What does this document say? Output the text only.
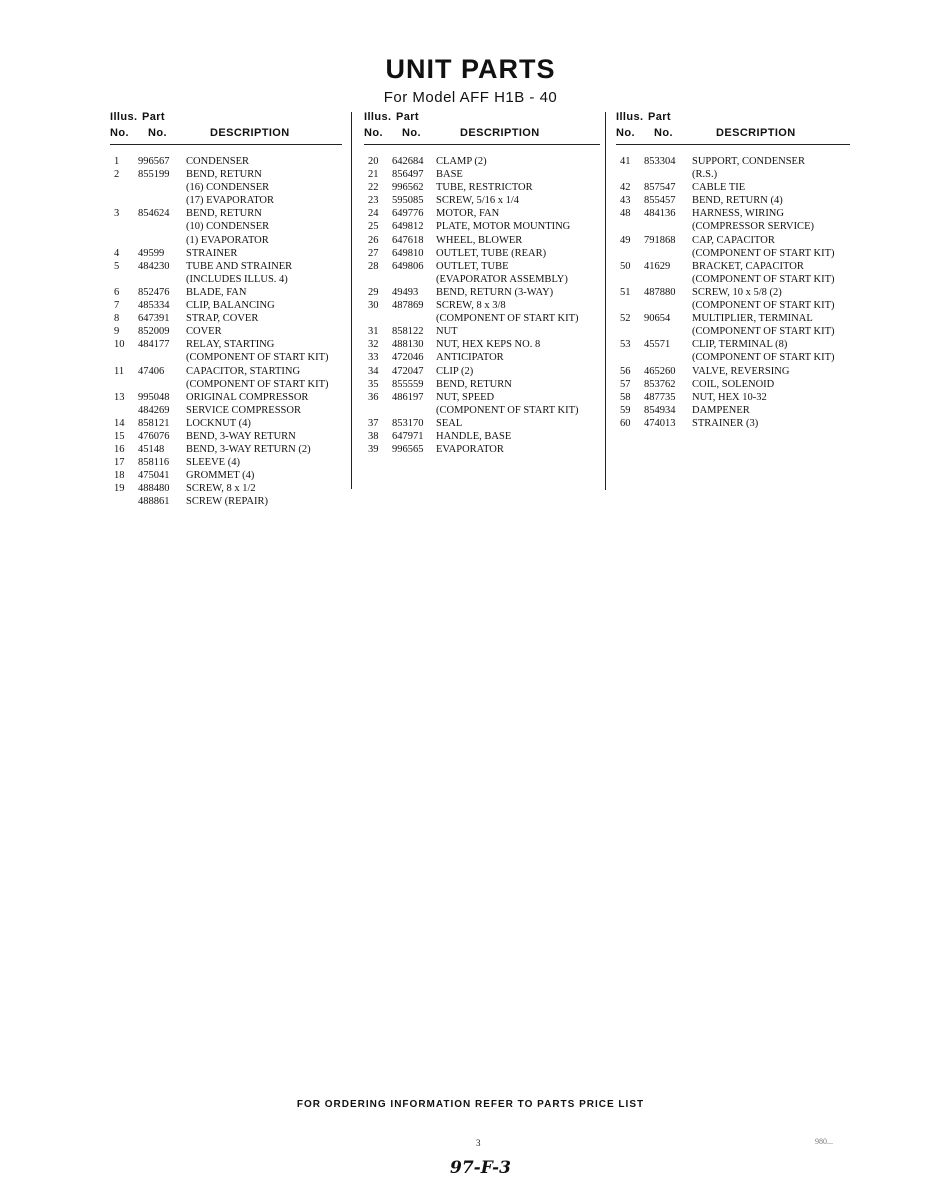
UNIT PARTS
For Model AFF H1B - 40
Illus. Part
No. No.	DESCRIPTION
1 996567 CONDENSER
2 855199 BEND, RETURN
(16) CONDENSER
(17) EVAPORATOR
3 854624 BEND, RETURN
(10) CONDENSER
(1) EVAPORATOR
4 49599 STRAINER
5 484230 TUBE AND STRAINER
(INCLUDES ILLUS. 4)
6 852476 BLADE, FAN
7 485334 CLIP, BALANCING
8 647391 STRAP, COVER
9 852009 COVER
10 484177 RELAY, STARTING
(COMPONENT OF START KIT)
11 47406 CAPACITOR, STARTING
(COMPONENT OF START KIT)
13 995048 ORIGINAL COMPRESSOR
484269 SERVICE COMPRESSOR
14 858121 LOCKNUT (4)
15 476076 BEND, 3-WAY RETURN
16 45148 BEND, 3-WAY RETURN (2)
17 858116 SLEEVE (4)
18 475041 GROMMET (4)
19 488480 SCREW, 8 x 1/2
488861 SCREW (REPAIR)
Illus. Part
No. No.	DESCRIPTION
20 642684 CLAMP (2)
21 856497 BASE
22 996562 TUBE, RESTRICTOR
23 595085 SCREW, 5/16 x 1/4
24 649776 MOTOR, FAN
25 649812 PLATE, MOTOR MOUNTING
26 647618 WHEEL, BLOWER
27 649810 OUTLET, TUBE (REAR)
28 649806 OUTLET, TUBE
(EVAPORATOR ASSEMBLY)
29 49493 BEND, RETURN (3-WAY)
30 487869 SCREW, 8 x 3/8
(COMPONENT OF START KIT)
31 858122 NUT
32 488130 NUT, HEX KEPS NO. 8
33 472046 ANTICIPATOR
34 472047 CLIP (2)
35 855559 BEND, RETURN
36 486197 NUT, SPEED
(COMPONENT OF START KIT)
37 853170 SEAL
38 647971 HANDLE, BASE
39 996565 EVAPORATOR
Illus. Part
No. No.	DESCRIPTION
41 853304 SUPPORT, CONDENSER
(R.S.)
42 857547 CABLE TIE
43 855457 BEND, RETURN (4)
48 484136 HARNESS, WIRING
(COMPRESSOR SERVICE)
49 791868 CAP, CAPACITOR
(COMPONENT OF START KIT)
50 41629 BRACKET, CAPACITOR
(COMPONENT OF START KIT)
51 487880 SCREW, 10 x 5/8 (2)
(COMPONENT OF START KIT)
52 90654 MULTIPLIER, TERMINAL
(COMPONENT OF START KIT)
53 45571 CLIP, TERMINAL (8)
(COMPONENT OF START KIT)
56 465260 VALVE, REVERSING
57 853762 COIL, SOLENOID
58 487735 NUT, HEX 10-32
59 854934 DAMPENER
60 474013 STRAINER (3)
FOR ORDERING INFORMATION REFER TO PARTS PRICE LIST
3	980...
97-F-3
